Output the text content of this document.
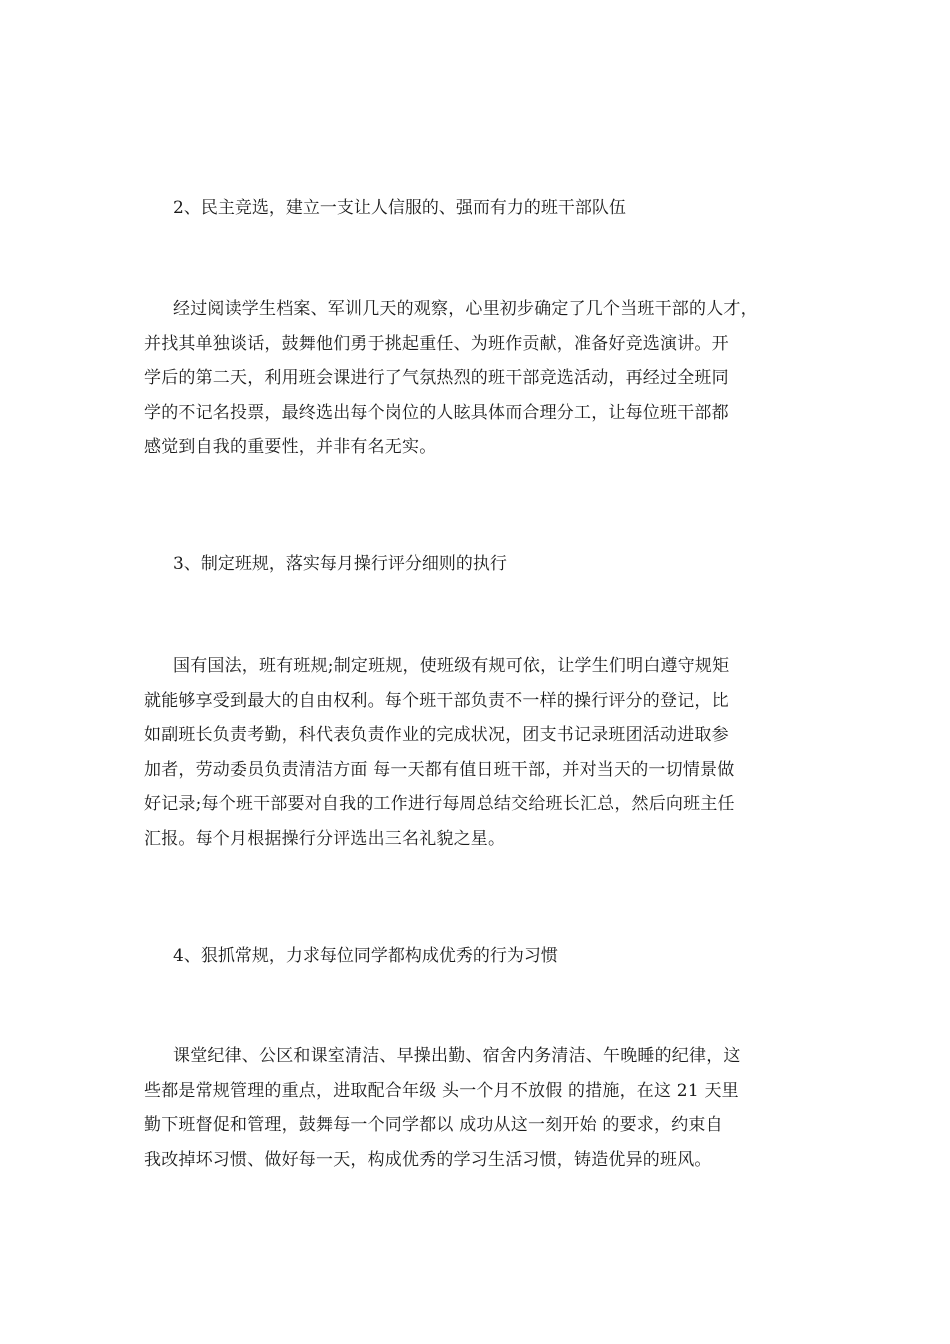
2、民主竞选，建立一支让人信服的、强而有力的班干部队伍

经过阅读学生档案、军训几天的观察，心里初步确定了几个当班干部的人才，
并找其单独谈话，鼓舞他们勇于挑起重任、为班作贡献，准备好竞选演讲。开
学后的第二天，利用班会课进行了气氛热烈的班干部竞选活动，再经过全班同
学的不记名投票，最终选出每个岗位的人眩具体而合理分工，让每位班干部都
感觉到自我的重要性，并非有名无实。

3、制定班规，落实每月操行评分细则的执行

国有国法，班有班规;制定班规，使班级有规可依，让学生们明白遵守规矩
就能够享受到最大的自由权利。每个班干部负责不一样的操行评分的登记，比
如副班长负责考勤，科代表负责作业的完成状况，团支书记录班团活动进取参
加者，劳动委员负责清洁方面 每一天都有值日班干部，并对当天的一切情景做
好记录;每个班干部要对自我的工作进行每周总结交给班长汇总，然后向班主任
汇报。每个月根据操行分评选出三名礼貌之星。

4、狠抓常规，力求每位同学都构成优秀的行为习惯

课堂纪律、公区和课室清洁、早操出勤、宿舍内务清洁、午晚睡的纪律，这
些都是常规管理的重点，进取配合年级 头一个月不放假 的措施，在这 21 天里
勤下班督促和管理，鼓舞每一个同学都以 成功从这一刻开始 的要求，约束自
我改掉坏习惯、做好每一天，构成优秀的学习生活习惯，铸造优异的班风。
